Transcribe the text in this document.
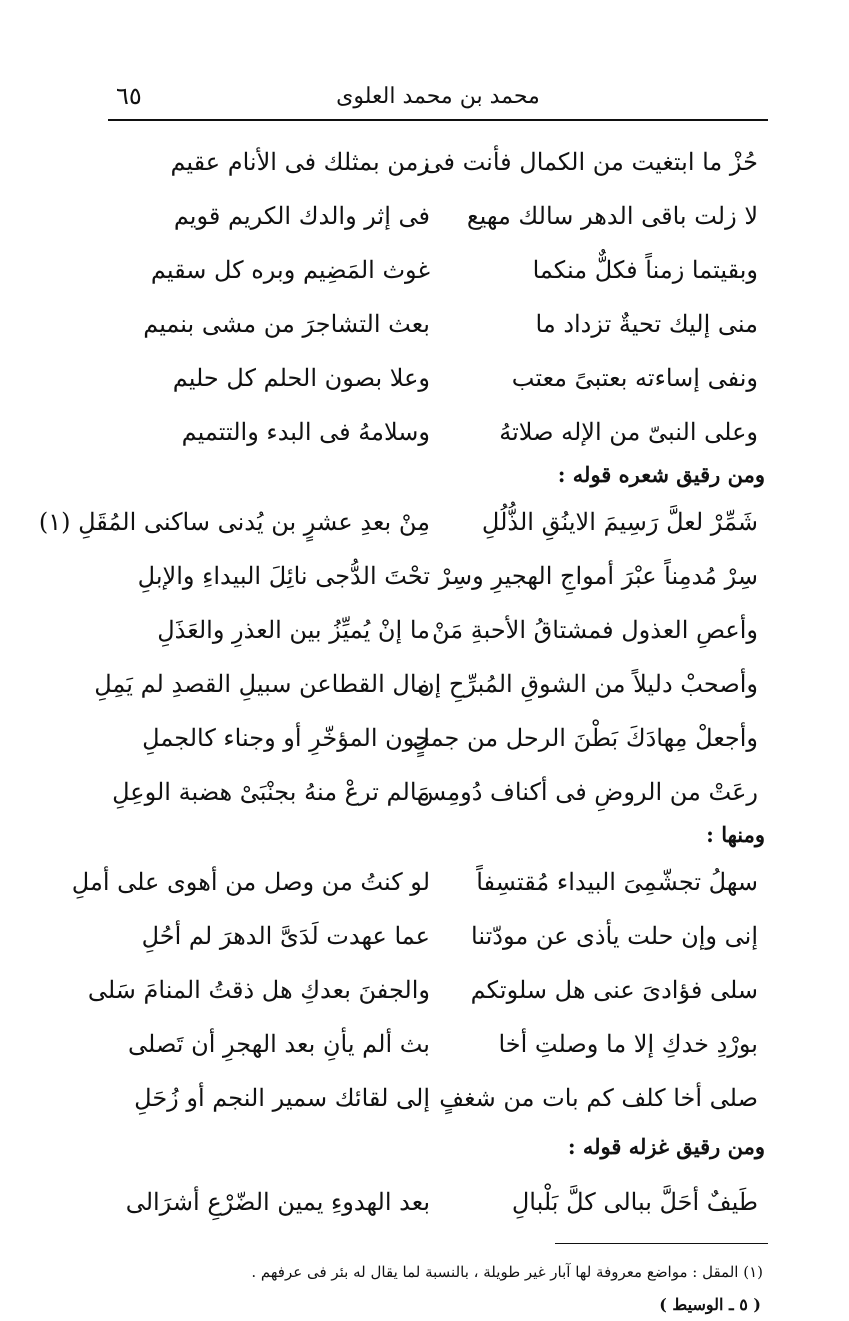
محمد بن محمد العلوى
٦٥
حُزْ ما ابتغيت من الكمال فأنت فى
زمن بمثلك فى الأنام عقيم
لا زلت باقى الدهر سالك مهيع
فى إثر والدك الكريم قويم
وبقيتما زمناً فكلٌّ منكما
غوث المَضِيم وبره كل سقيم
منى إليك تحيةٌ تزداد ما
بعث التشاجرَ من مشى بنميم
ونفى إساءته بعتبىً معتب
وعلا بصون الحلم كل حليم
وعلى النبىّ من الإله صلاتهُ
وسلامهُ فى البدء والتتميم
ومن رقيق شعره قوله :
شَمِّرْ لعلَّ رَسِيمَ الاينُقِ الذُّلُلِ
مِنْ بعدِ عشرٍ بن يُدنى ساكنى المُقَلِ (١)
سِرْ مُدمِناً عبْرَ أمواجِ الهجيرِ وسِرْ
تحْتَ الدُّجى نائِلَ البيداءِ والإبلِ
وأعصِ العذول فمشتاقُ الأحبةِ مَنْ
ما إنْ يُميِّزُ بين العذرِ والعَذَلِ
وأصحبْ دليلاً من الشوقِ المُبرِّحِ إن
مال القطاعن سبيلِ القصدِ لم يَمِلِ
وأجعلْ مِهادَكَ بَطْنَ الرحل من جملٍ
جون المؤخّرِ أو وجناء كالجملِ
رعَتْ من الروضِ فى أكناف دُومِسَ
مالم ترعْ منهُ بجنْبَىْ هضبة الوعِلِ
ومنها :
سهلُ تجشّمِىَ البيداء مُقتسِفاً
لو كنتُ من وصل من أهوى على أملِ
إنى وإن حلت يأذى عن مودّتنا
عما عهدت لَدَىَّ الدهرَ لم أحُلِ
سلى فؤادىَ عنى هل سلوتكم
والجفنَ بعدكِ هل ذقتُ المنامَ سَلى
بورْدِ خدكِ إلا ما وصلتِ أخا
بث ألم يأنِ بعد الهجرِ أن تَصلى
صلى أخا كلف كم بات من شغفٍ
إلى لقائك سمير النجم أو زُحَلِ
ومن رقيق غزله قوله :
طَيفٌ أحَلَّ ببالى كلَّ بَلْبالِ
بعد الهدوءِ يمين الضّرْعِ أشرَالى
(١) المقل : مواضع معروفة لها آبار غير طويلة ، بالنسبة لما يقال له بئر فى عرفهم .
( ٥ ـ الوسيط )
